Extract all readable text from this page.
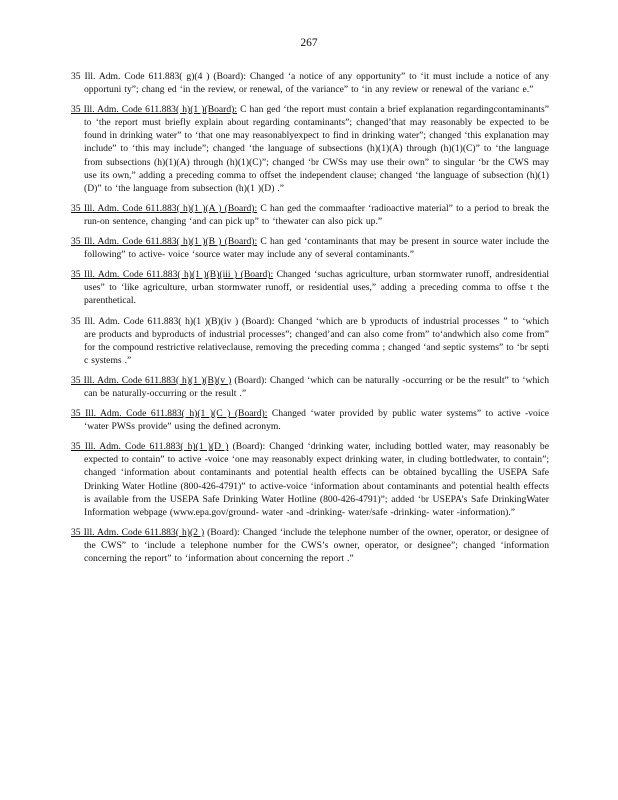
267

35 Ill. Adm. Code 611.883( g)(4 ) (Board): Changed ‘a notice of any opportunity” to ‘it must include a notice of any opportuni ty”; chang ed ‘in the review, or renewal, of the variance” to ‘in any review or renewal of the varianc e.”

35 Ill. Adm. Code 611.883( h)(1 )(Board): C han ged ‘the report must contain a brief explanation regardingcontaminants” to ‘the report must briefly explain about regarding contaminants”; changed’that may reasonably be expected to be found in drinking water” to ‘that one may reasonablyexpect to find in drinking water”; changed ‘this explanation may include” to ‘this may include”; changed ‘the language of subsections (h)(1)(A) through (h)(1)(C)” to ‘the language from subsections (h)(1)(A) through (h)(1)(C)”; changed ‘br CWSs may use their own” to singular ‘br the CWS may use its own,” adding a preceding comma to offset the independent clause; changed ‘the language of subsection (h)(1)(D)” to ‘the language from subsection (h)(1 )(D) .”

35 Ill. Adm. Code 611.883( h)(1 )(A ) (Board): C han ged the commaafter ‘radioactive material” to a period to break the run-on sentence, changing ‘and can pick up” to ‘thewater can also pick up.”

35 Ill. Adm. Code 611.883( h)(1 )(B ) (Board): C han ged ‘contaminants that may be present in source water include the following” to active- voice ‘source water may include any of several contaminants.”

35 Ill. Adm. Code 611.883( h)(1 )(B)(iii ) (Board): Changed ‘suchas agriculture, urban stormwater runoff, andresidential uses” to ‘like agriculture, urban stormwater runoff, or residential uses,” adding a preceding comma to offse t the parenthetical.

35 Ill. Adm. Code 611.883( h)(1 )(B)(iv ) (Board): Changed ‘which are b yproducts of industrial processes ” to ‘which are products and byproducts of industrial processes”; changed’and can also come from” to‘andwhich also come from” for the compound restrictive relativeclause, removing the preceding comma ; changed ‘and septic systems” to ‘br septi c systems .”

35 Ill. Adm. Code 611.883( h)(1 )(B)(v ) (Board): Changed ‘which can be naturally -occurring or be the result” to ‘which can be naturally-occurring or the result .”

35 Ill. Adm. Code 611.883( h)(1 )(C ) (Board): Changed ‘water provided by public water systems” to active -voice ‘water PWSs provide” using the defined acronym.

35 Ill. Adm. Code 611.883( h)(1 )(D ) (Board): Changed ‘drinking water, including bottled water, may reasonably be expected to contain” to active -voice ‘one may reasonably expect drinking water, in cluding bottledwater, to contain”; changed ‘information about contaminants and potential health effects can be obtained bycalling the USEPA Safe Drinking Water Hotline (800-426-4791)” to active-voice ‘information about contaminants and potential health effects is available from the USEPA Safe Drinking Water Hotline (800-426-4791)”; added ‘br USEPA’s Safe DrinkingWater Information webpage (www.epa.gov/ground- water -and -drinking- water/safe -drinking- water -information).”

35 Ill. Adm. Code 611.883( h)(2 ) (Board): Changed ‘include the telephone number of the owner, operator, or designee of the CWS” to ‘include a telephone number for the CWS’s owner, operator, or designee”; changed ‘information concerning the report” to ‘information about concerning the report .”
